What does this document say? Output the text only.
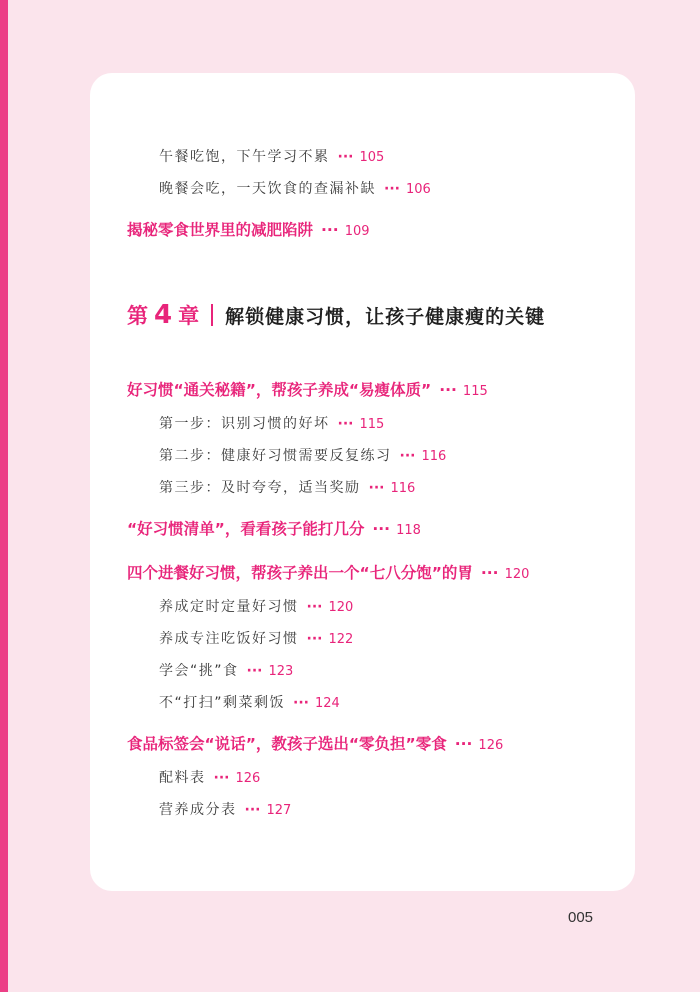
午餐吃饱，下午学习不累 ··· 105
晚餐会吃，一天饮食的查漏补缺 ··· 106
揭秘零食世界里的减肥陷阱 ··· 109
第 4 章 解锁健康习惯，让孩子健康瘦的关键
好习惯“通关秘籍”，帮孩子养成“易瘦体质” ··· 115
第一步：识别习惯的好坏 ··· 115
第二步：健康好习惯需要反复练习 ··· 116
第三步：及时夸夸，适当奖励 ··· 116
“好习惯清单”，看看孩子能打几分 ··· 118
四个进餐好习惯，帮孩子养出一个“七八分饱”的胃 ··· 120
养成定时定量好习惯 ··· 120
养成专注吃饭好习惯 ··· 122
学会“挑”食 ··· 123
不“打扫”剩菜剩饭 ··· 124
食品标签会“说话”，教孩子选出“零负担”零食 ··· 126
配料表 ··· 126
营养成分表 ··· 127
005
